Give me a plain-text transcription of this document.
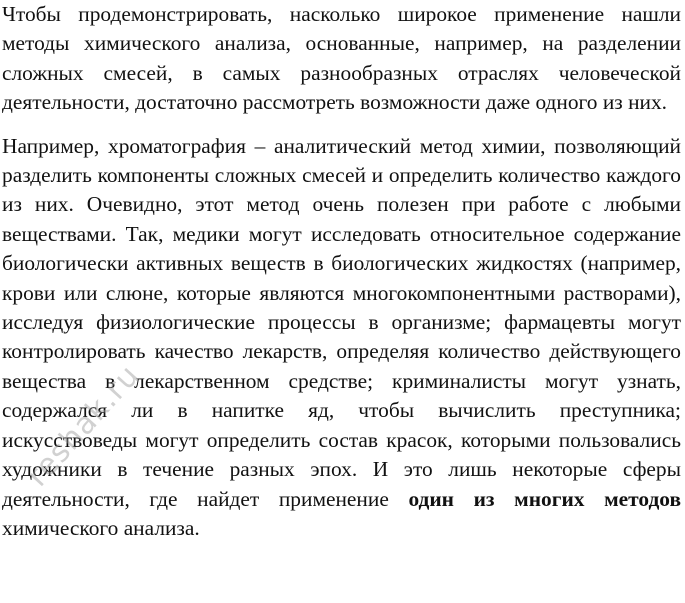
Чтобы продемонстрировать, насколько широкое применение нашли методы химического анализа, основанные, например, на разделении сложных смесей, в самых разнообразных отраслях человеческой деятельности, достаточно рассмотреть возможности даже одного из них.

Например, хроматография – аналитический метод химии, позволяющий разделить компоненты сложных смесей и определить количество каждого из них. Очевидно, этот метод очень полезен при работе с любыми веществами. Так, медики могут исследовать относительное содержание биологически активных веществ в биологических жидкостях (например, крови или слюне, которые являются многокомпонентными растворами), исследуя физиологические процессы в организме; фармацевты могут контролировать качество лекарств, определяя количество действующего вещества в лекарственном средстве; криминалисты могут узнать, содержался ли в напитке яд, чтобы вычислить преступника; искусствоведы могут определить состав красок, которыми пользовались художники в течение разных эпох. И это лишь некоторые сферы деятельности, где найдет применение один из многих методов химического анализа.

reshak.ru
